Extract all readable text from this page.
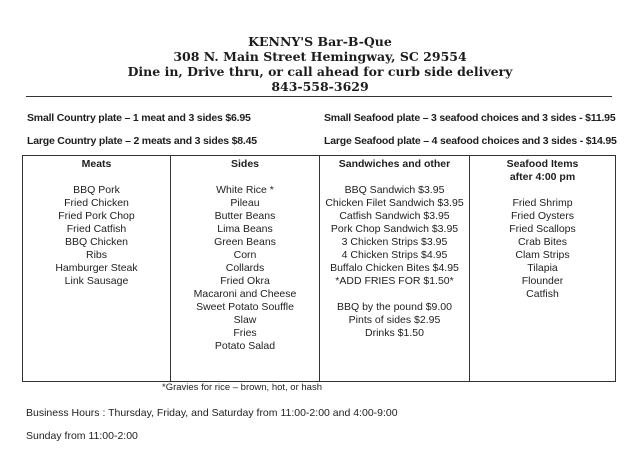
KENNY'S Bar-B-Que
308 N. Main Street Hemingway, SC 29554
Dine in, Drive thru, or call ahead for curb side delivery
843-558-3629
Small Country plate – 1 meat and 3 sides $6.95
Large Country plate – 2 meats and 3 sides $8.45
Small Seafood plate – 3 seafood choices and 3 sides - $11.95
Large Seafood plate – 4 seafood choices and 3 sides - $14.95
Meats
BBQ Pork
Fried Chicken
Fried Pork Chop
Fried Catfish
BBQ Chicken
Ribs
Hamburger Steak
Link Sausage
Sides
White Rice *
Pileau
Butter Beans
Lima Beans
Green Beans
Corn
Collards
Fried Okra
Macaroni and Cheese
Sweet Potato Souffle
Slaw
Fries
Potato Salad
Sandwiches and other
BBQ Sandwich $3.95
Chicken Filet Sandwich $3.95
Catfish Sandwich $3.95
Pork Chop Sandwich $3.95
3 Chicken Strips $3.95
4 Chicken Strips $4.95
Buffalo Chicken Bites $4.95
*ADD FRIES FOR $1.50*
BBQ by the pound $9.00
Pints of sides $2.95
Drinks $1.50
Seafood Items
after 4:00 pm
Fried Shrimp
Fried Oysters
Fried Scallops
Crab Bites
Clam Strips
Tilapia
Flounder
Catfish
*Gravies for rice – brown, hot, or hash
Business Hours : Thursday, Friday, and Saturday from 11:00-2:00 and 4:00-9:00
Sunday from 11:00-2:00
